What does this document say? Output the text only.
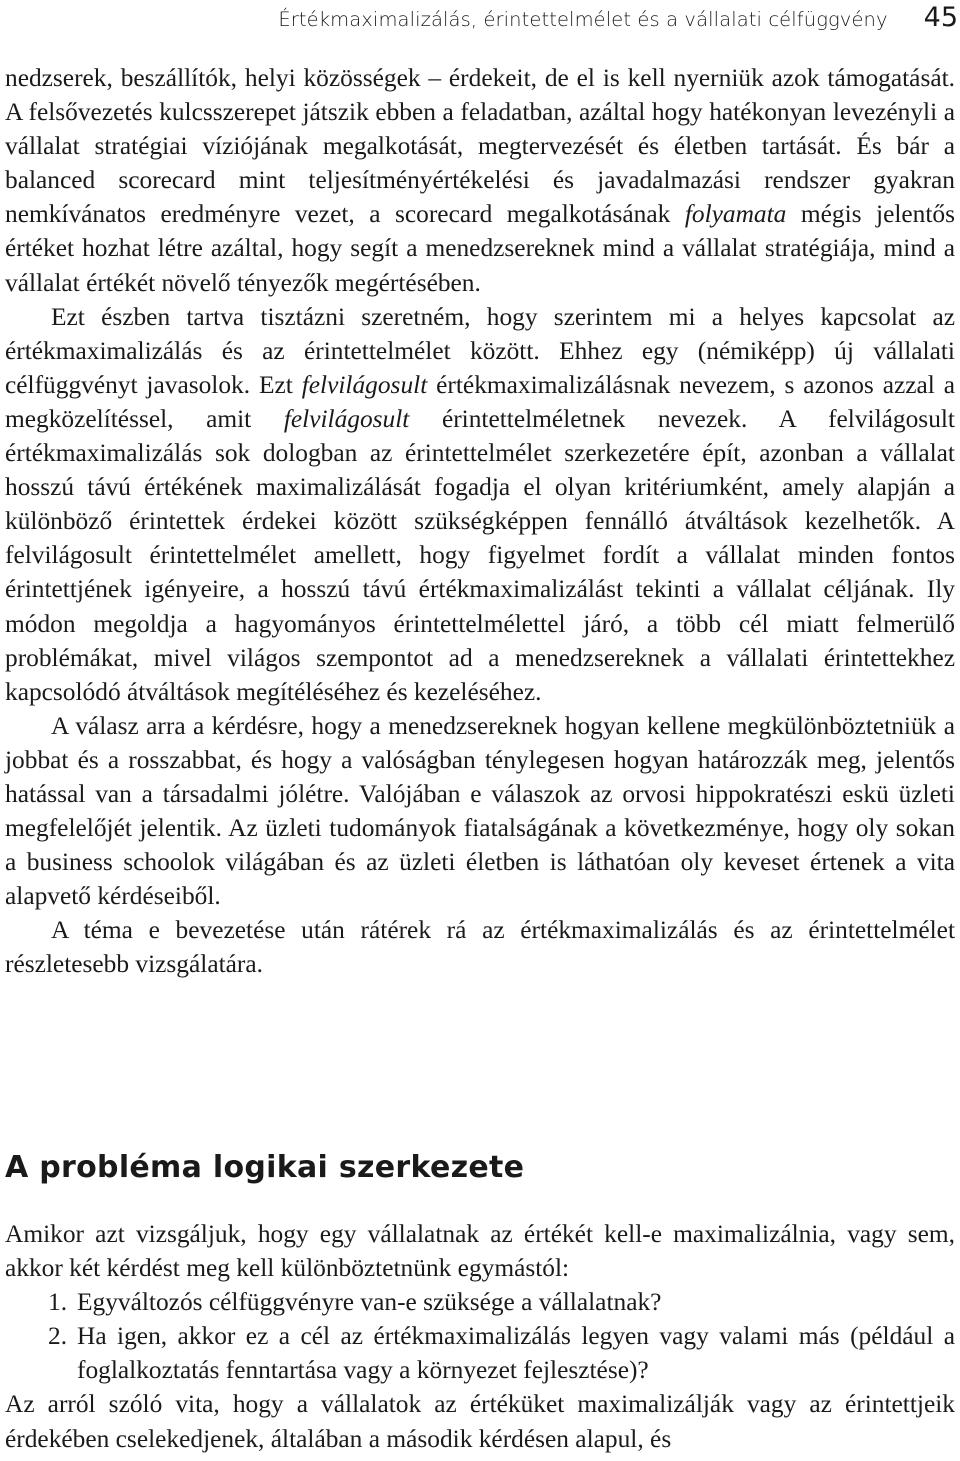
Értékmaximalizálás, érintettelmélet és a vállalati célfüggvény 45

nedzserek, beszállítók, helyi közösségek – érdekeit, de el is kell nyerniük azok támogatását. A felsővezetés kulcsszerepet játszik ebben a feladatban, azáltal hogy hatékonyan levezényli a vállalat stratégiai víziójának megalkotását, megtervezését és életben tartását. És bár a balanced scorecard mint teljesítményértékelési és javadalmazási rendszer gyakran nemkívánatos eredményre vezet, a scorecard megalkotásának folyamata mégis jelentős értéket hozhat létre azáltal, hogy segít a menedzsereknek mind a vállalat stratégiája, mind a vállalat értékét növelő tényezők megértésében.

Ezt észben tartva tisztázni szeretném, hogy szerintem mi a helyes kapcsolat az értékmaximalizálás és az érintettelmélet között. Ehhez egy (némiképp) új vállalati célfüggvényt javasolok. Ezt felvilágosult értékmaximalizálásnak nevezem, s azonos azzal a megközelítéssel, amit felvilágosult érintettelméletnek nevezek. A felvilágosult értékmaximalizálás sok dologban az érintettelmélet szerkezetére épít, azonban a vállalat hosszú távú értékének maximalizálását fogadja el olyan kritériumként, amely alapján a különböző érintettek érdekei között szükségképpen fennálló átváltások kezelhetők. A felvilágosult érintettelmélet amellett, hogy figyelmet fordít a vállalat minden fontos érintettjének igényeire, a hosszú távú értékmaximalizálást tekinti a vállalat céljának. Ily módon megoldja a hagyományos érintettelmélettel járó, a több cél miatt felmerülő problémákat, mivel világos szempontot ad a menedzsereknek a vállalati érintettekhez kapcsolódó átváltások megítéléséhez és kezeléséhez.

A válasz arra a kérdésre, hogy a menedzsereknek hogyan kellene megkülönböztetniük a jobbat és a rosszabbat, és hogy a valóságban ténylegesen hogyan határozzák meg, jelentős hatással van a társadalmi jólétre. Valójában e válaszok az orvosi hippokratészi eskü üzleti megfelelőjét jelentik. Az üzleti tudományok fiatalságának a következménye, hogy oly sokan a business schoolok világában és az üzleti életben is láthatóan oly keveset értenek a vita alapvető kérdéseiből.

A téma e bevezetése után rátérek rá az értékmaximalizálás és az érintettelmélet részletesebb vizsgálatára.

A probléma logikai szerkezete

Amikor azt vizsgáljuk, hogy egy vállalatnak az értékét kell-e maximalizálnia, vagy sem, akkor két kérdést meg kell különböztetnünk egymástól:

1. Egyváltozós célfüggvényre van-e szüksége a vállalatnak?
2. Ha igen, akkor ez a cél az értékmaximalizálás legyen vagy valami más (például a foglalkoztatás fenntartása vagy a környezet fejlesztése)?

Az arról szóló vita, hogy a vállalatok az értéküket maximalizálják vagy az érintettjeik érdekében cselekedjenek, általában a második kérdésen alapul, és
